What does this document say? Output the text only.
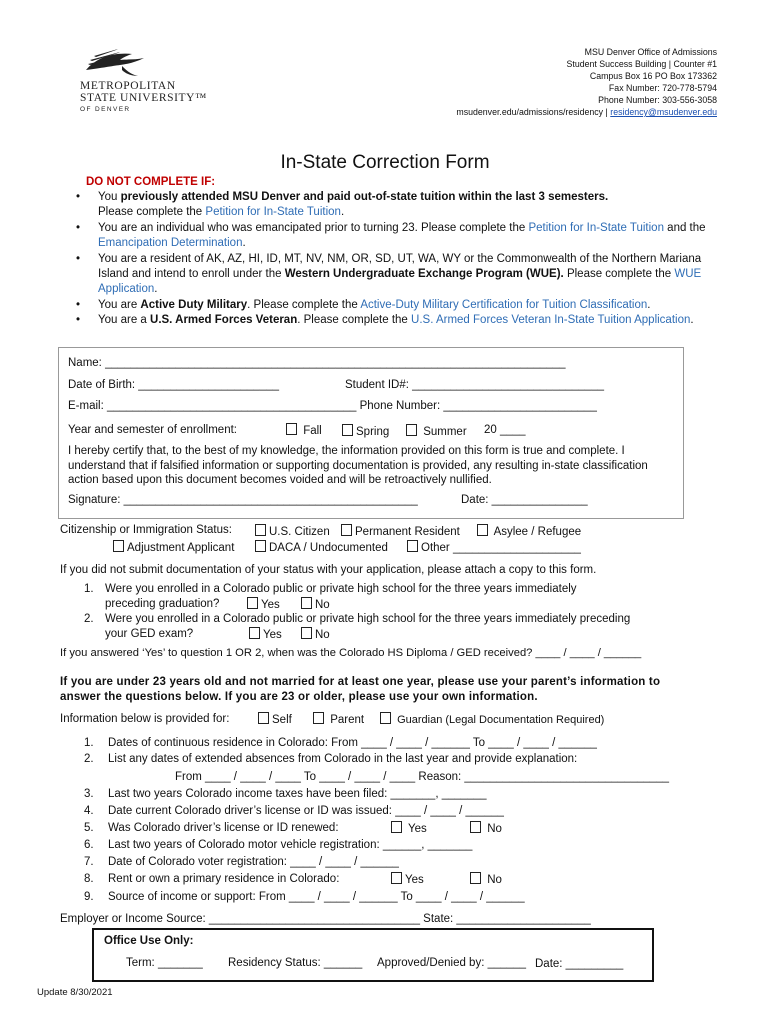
METROPOLITAN
STATE UNIVERSITY™
OF DENVER
MSU Denver Office of Admissions
Student Success Building | Counter #1
Campus Box 16 PO Box 173362
Fax Number: 720-778-5794
Phone Number: 303-556-3058
msudenver.edu/admissions/residency | residency@msudenver.edu
In-State Correction Form
DO NOT COMPLETE IF:
• You previously attended MSU Denver and paid out-of-state tuition within the last 3 semesters.
Please complete the Petition for In-State Tuition.
• You are an individual who was emancipated prior to turning 23. Please complete the Petition for In-State Tuition and the Emancipation Determination.
• You are a resident of AK, AZ, HI, ID, MT, NV, NM, OR, SD, UT, WA, WY or the Commonwealth of the Northern Mariana Island and intend to enroll under the Western Undergraduate Exchange Program (WUE). Please complete the WUE Application.
• You are Active Duty Military. Please complete the Active-Duty Military Certification for Tuition Classification.
• You are a U.S. Armed Forces Veteran. Please complete the U.S. Armed Forces Veteran In-State Tuition Application.
Name: ________________________________________________________________________
Date of Birth: ______________________	Student ID#: ______________________________
E-mail: _______________________________________ Phone Number: ________________________
Year and semester of enrollment:	Fall	Spring	Summer 20 ____
I hereby certify that, to the best of my knowledge, the information provided on this form is true and complete. I understand that if falsified information or supporting documentation is provided, any resulting in-state classification action based upon this document becomes voided and will be retroactively nullified.
Signature: ______________________________________________	Date: _______________
Citizenship or Immigration Status:	U.S. Citizen	Permanent Resident	Asylee / Refugee
Adjustment Applicant	DACA / Undocumented	Other ____________________
If you did not submit documentation of your status with your application, please attach a copy to this form.
1. Were you enrolled in a Colorado public or private high school for the three years immediately
preceding graduation?	Yes	No
2. Were you enrolled in a Colorado public or private high school for the three years immediately preceding
your GED exam?	Yes	No
If you answered ‘Yes’ to question 1 OR 2, when was the Colorado HS Diploma / GED received? ____ / ____ / ______
If you are under 23 years old and not married for at least one year, please use your parent’s information to answer the questions below. If you are 23 or older, please use your own information.
Information below is provided for:	Self	Parent	Guardian (Legal Documentation Required)
1. Dates of continuous residence in Colorado: From ____ / ____ / ______ To ____ / ____ / ______
2. List any dates of extended absences from Colorado in the last year and provide explanation:
From ____ / ____ / ____ To ____ / ____ / ____ Reason: ________________________________
3. Last two years Colorado income taxes have been filed: _______, _______
4. Date current Colorado driver’s license or ID was issued: ____ / ____ / ______
5. Was Colorado driver’s license or ID renewed:	Yes	No
6. Last two years of Colorado motor vehicle registration: ______, _______
7. Date of Colorado voter registration: ____ / ____ / ______
8. Rent or own a primary residence in Colorado:	Yes	No
9. Source of income or support: From ____ / ____ / ______ To ____ / ____ / ______
Employer or Income Source: _________________________________ State: _____________________
Office Use Only:
Term: _______ Residency Status: ______ Approved/Denied by: ______ Date: _________
Update 8/30/2021
